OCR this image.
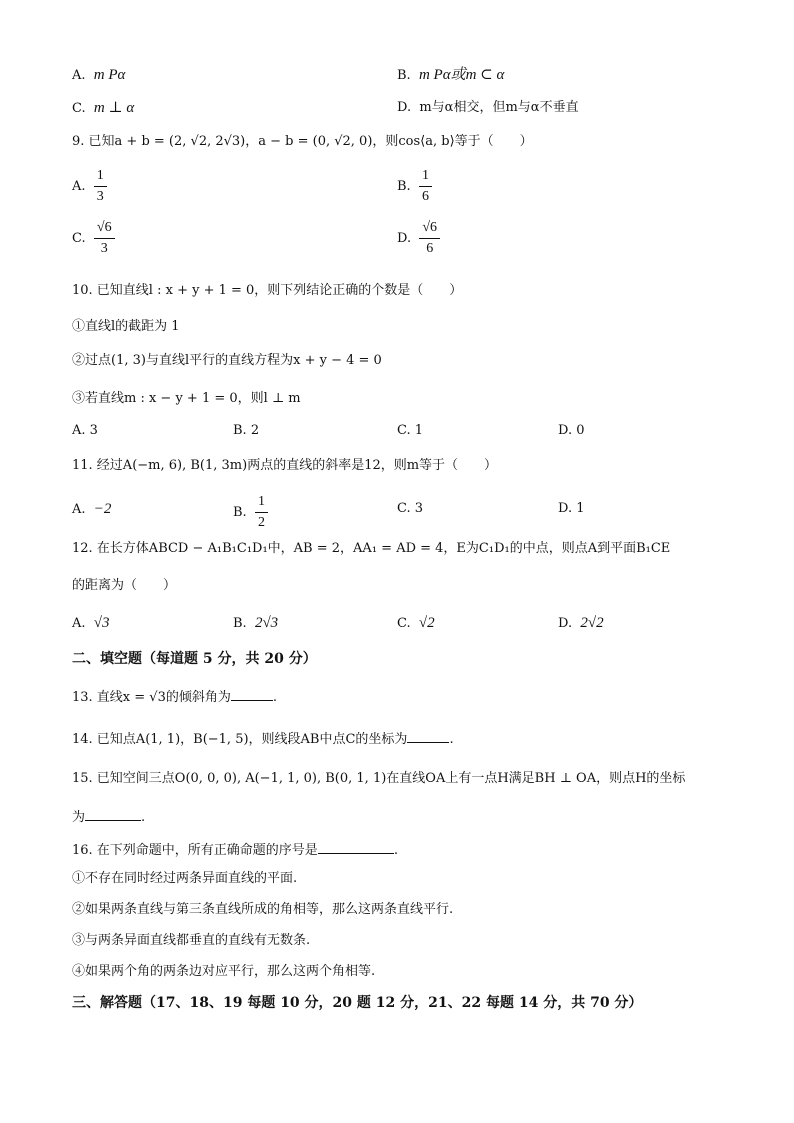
A. m Pα	B. m Pα或m ⊂ α
C. m ⊥ α	D. m与α相交，但m与α不垂直
9. 已知a + b = (2, √2, 2√3)，a − b = (0, √2, 0)，则cos⟨a, b⟩等于（　　）
A. $\frac{1}{3}$	B. $\frac{1}{6}$
C. $\frac{√6}{3}$	D. $\frac{√6}{6}$
10. 已知直线l : x + y + 1 = 0，则下列结论正确的个数是（　　）
①直线l的截距为 1
②过点(1, 3)与直线l平行的直线方程为x + y − 4 = 0
③若直线m : x − y + 1 = 0，则l ⊥ m
A. 3	B. 2	C. 1	D. 0
11. 经过A(−m, 6), B(1, 3m)两点的直线的斜率是12，则m等于（　　）
A. −2	B. $\frac{1}{2}$	C. 3	D. 1
12. 在长方体ABCD − A₁B₁C₁D₁中，AB = 2，AA₁ = AD = 4，E为C₁D₁的中点，则点A到平面B₁CE
的距离为（　　）
A. √3	B. 2√3	C. √2	D. 2√2
二、填空题（每道题 5 分，共 20 分）
13. 直线x = √3的倾斜角为	.
14. 已知点A(1, 1)，B(−1, 5)，则线段AB中点C的坐标为	.
15. 已知空间三点O(0, 0, 0), A(−1, 1, 0), B(0, 1, 1)在直线OA上有一点H满足BH ⊥ OA，则点H的坐标
为	.
16. 在下列命题中，所有正确命题的序号是	.
①不存在同时经过两条异面直线的平面.
②如果两条直线与第三条直线所成的角相等，那么这两条直线平行.
③与两条异面直线都垂直的直线有无数条.
④如果两个角的两条边对应平行，那么这两个角相等.
三、解答题（17、18、19 每题 10 分，20 题 12 分，21、22 每题 14 分，共 70 分）
